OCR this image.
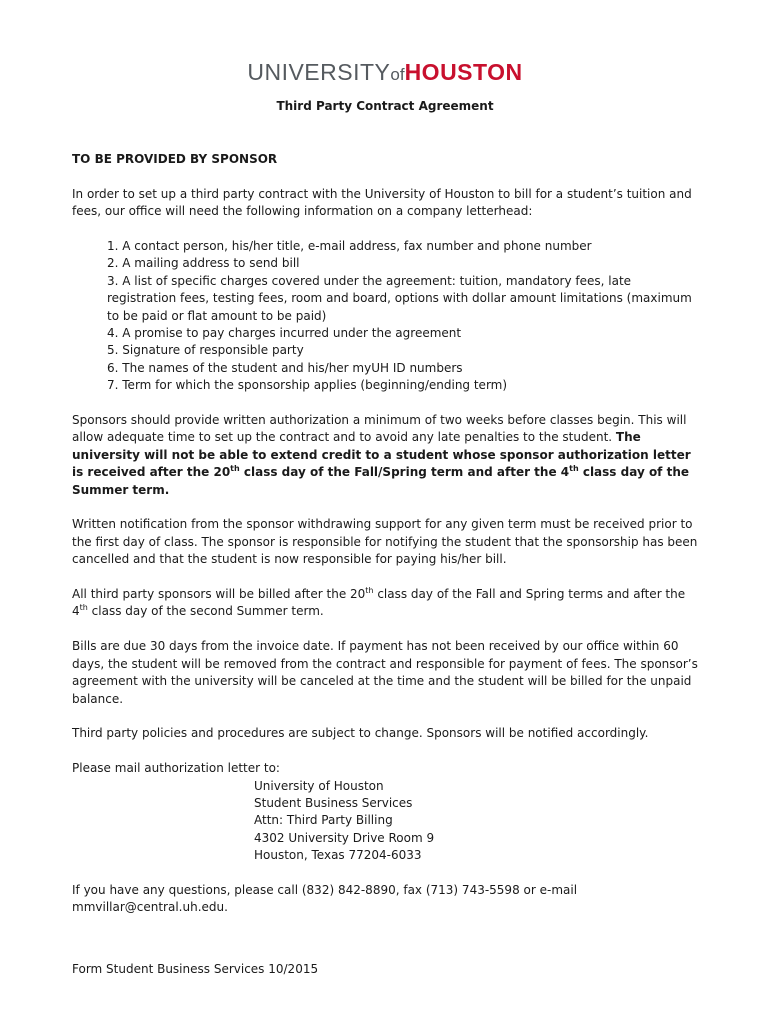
UNIVERSITYofHOUSTON
Third Party Contract Agreement

TO BE PROVIDED BY SPONSOR

In order to set up a third party contract with the University of Houston to bill for a student’s tuition and fees, our office will need the following information on a company letterhead:

1. A contact person, his/her title, e-mail address, fax number and phone number
2. A mailing address to send bill
3. A list of specific charges covered under the agreement: tuition, mandatory fees, late registration fees, testing fees, room and board, options with dollar amount limitations (maximum to be paid or flat amount to be paid)
4. A promise to pay charges incurred under the agreement
5. Signature of responsible party
6. The names of the student and his/her myUH ID numbers
7. Term for which the sponsorship applies (beginning/ending term)

Sponsors should provide written authorization a minimum of two weeks before classes begin. This will allow adequate time to set up the contract and to avoid any late penalties to the student. The university will not be able to extend credit to a student whose sponsor authorization letter is received after the 20th class day of the Fall/Spring term and after the 4th class day of the Summer term.

Written notification from the sponsor withdrawing support for any given term must be received prior to the first day of class. The sponsor is responsible for notifying the student that the sponsorship has been cancelled and that the student is now responsible for paying his/her bill.

All third party sponsors will be billed after the 20th class day of the Fall and Spring terms and after the 4th class day of the second Summer term.

Bills are due 30 days from the invoice date. If payment has not been received by our office within 60 days, the student will be removed from the contract and responsible for payment of fees. The sponsor’s agreement with the university will be canceled at the time and the student will be billed for the unpaid balance.

Third party policies and procedures are subject to change. Sponsors will be notified accordingly.

Please mail authorization letter to:
University of Houston
Student Business Services
Attn: Third Party Billing
4302 University Drive Room 9
Houston, Texas 77204-6033

If you have any questions, please call (832) 842-8890, fax (713) 743-5598 or e-mail mmvillar@central.uh.edu.

Form Student Business Services 10/2015
